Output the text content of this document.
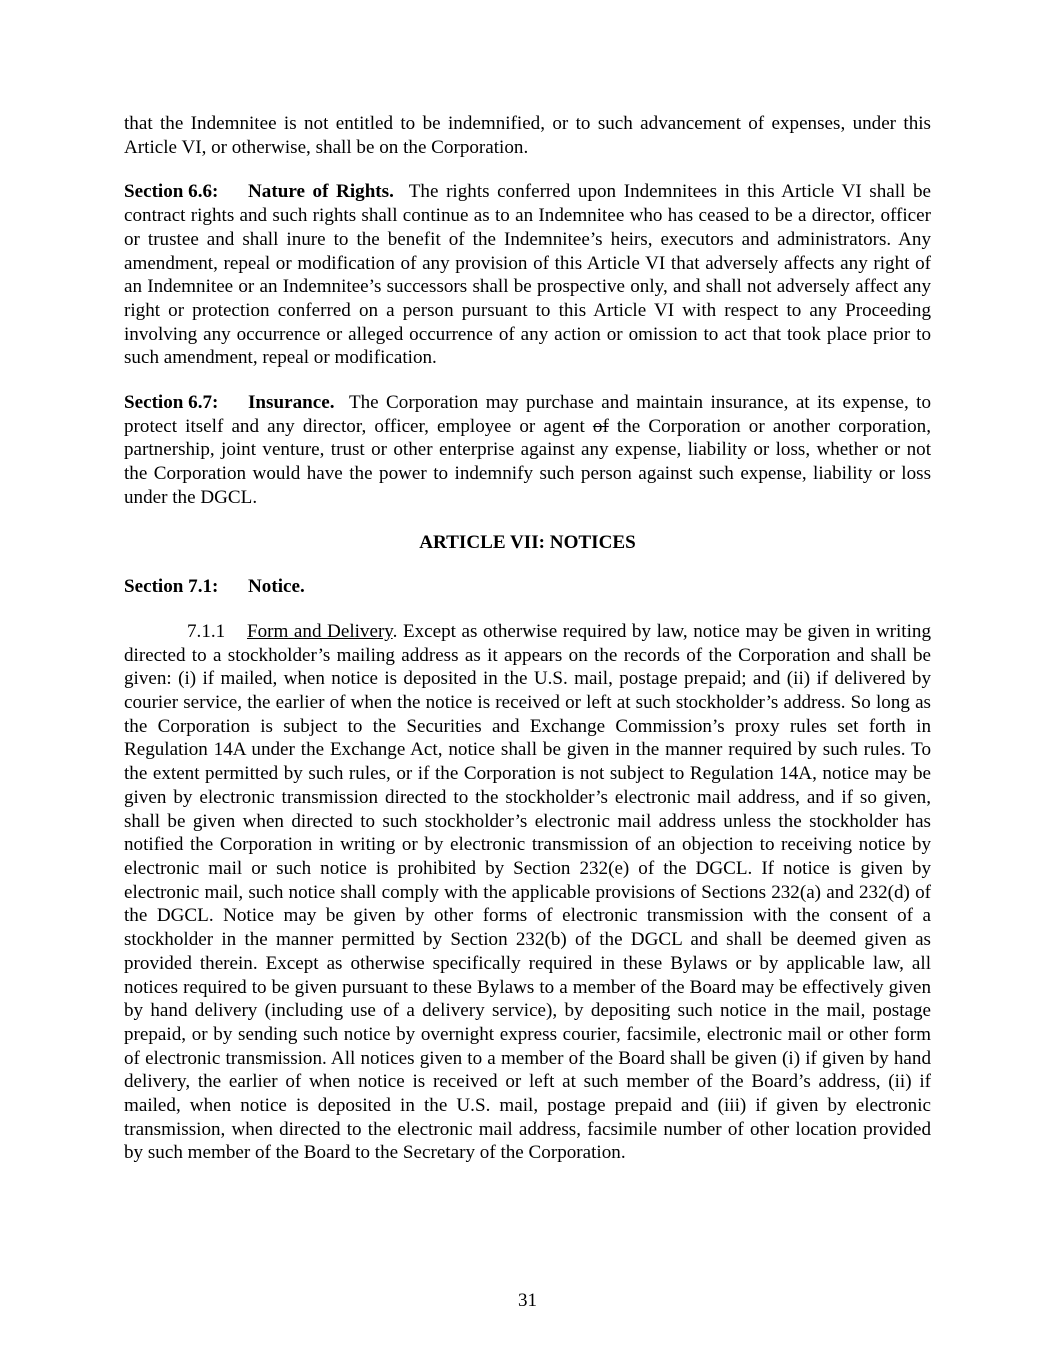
that the Indemnitee is not entitled to be indemnified, or to such advancement of expenses, under this Article VI, or otherwise, shall be on the Corporation.

Section 6.6: Nature of Rights. The rights conferred upon Indemnitees in this Article VI shall be contract rights and such rights shall continue as to an Indemnitee who has ceased to be a director, officer or trustee and shall inure to the benefit of the Indemnitee’s heirs, executors and administrators. Any amendment, repeal or modification of any provision of this Article VI that adversely affects any right of an Indemnitee or an Indemnitee’s successors shall be prospective only, and shall not adversely affect any right or protection conferred on a person pursuant to this Article VI with respect to any Proceeding involving any occurrence or alleged occurrence of any action or omission to act that took place prior to such amendment, repeal or modification.

Section 6.7: Insurance. The Corporation may purchase and maintain insurance, at its expense, to protect itself and any director, officer, employee or agent of the Corporation or another corporation, partnership, joint venture, trust or other enterprise against any expense, liability or loss, whether or not the Corporation would have the power to indemnify such person against such expense, liability or loss under the DGCL.

ARTICLE VII: NOTICES

Section 7.1: Notice.

7.1.1 Form and Delivery. Except as otherwise required by law, notice may be given in writing directed to a stockholder’s mailing address as it appears on the records of the Corporation and shall be given: (i) if mailed, when notice is deposited in the U.S. mail, postage prepaid; and (ii) if delivered by courier service, the earlier of when the notice is received or left at such stockholder’s address. So long as the Corporation is subject to the Securities and Exchange Commission’s proxy rules set forth in Regulation 14A under the Exchange Act, notice shall be given in the manner required by such rules. To the extent permitted by such rules, or if the Corporation is not subject to Regulation 14A, notice may be given by electronic transmission directed to the stockholder’s electronic mail address, and if so given, shall be given when directed to such stockholder’s electronic mail address unless the stockholder has notified the Corporation in writing or by electronic transmission of an objection to receiving notice by electronic mail or such notice is prohibited by Section 232(e) of the DGCL. If notice is given by electronic mail, such notice shall comply with the applicable provisions of Sections 232(a) and 232(d) of the DGCL. Notice may be given by other forms of electronic transmission with the consent of a stockholder in the manner permitted by Section 232(b) of the DGCL and shall be deemed given as provided therein. Except as otherwise specifically required in these Bylaws or by applicable law, all notices required to be given pursuant to these Bylaws to a member of the Board may be effectively given by hand delivery (including use of a delivery service), by depositing such notice in the mail, postage prepaid, or by sending such notice by overnight express courier, facsimile, electronic mail or other form of electronic transmission. All notices given to a member of the Board shall be given (i) if given by hand delivery, the earlier of when notice is received or left at such member of the Board’s address, (ii) if mailed, when notice is deposited in the U.S. mail, postage prepaid and (iii) if given by electronic transmission, when directed to the electronic mail address, facsimile number of other location provided by such member of the Board to the Secretary of the Corporation.

31
